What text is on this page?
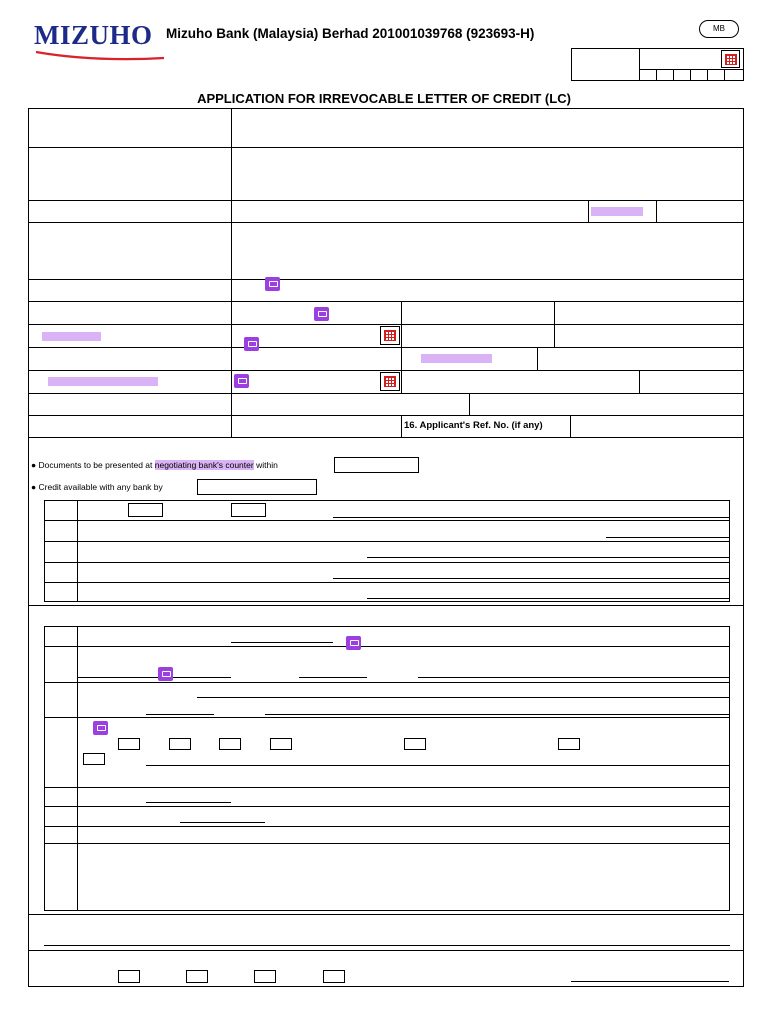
MIZUHO Mizuho Bank (Malaysia) Berhad 201001039768 (923693-H)	MB
APPLICATION FOR IRREVOCABLE LETTER OF CREDIT (LC)
16. Applicant's Ref. No. (if any)
● Documents to be presented at negotiating bank's counter within
● Credit available with any bank by
